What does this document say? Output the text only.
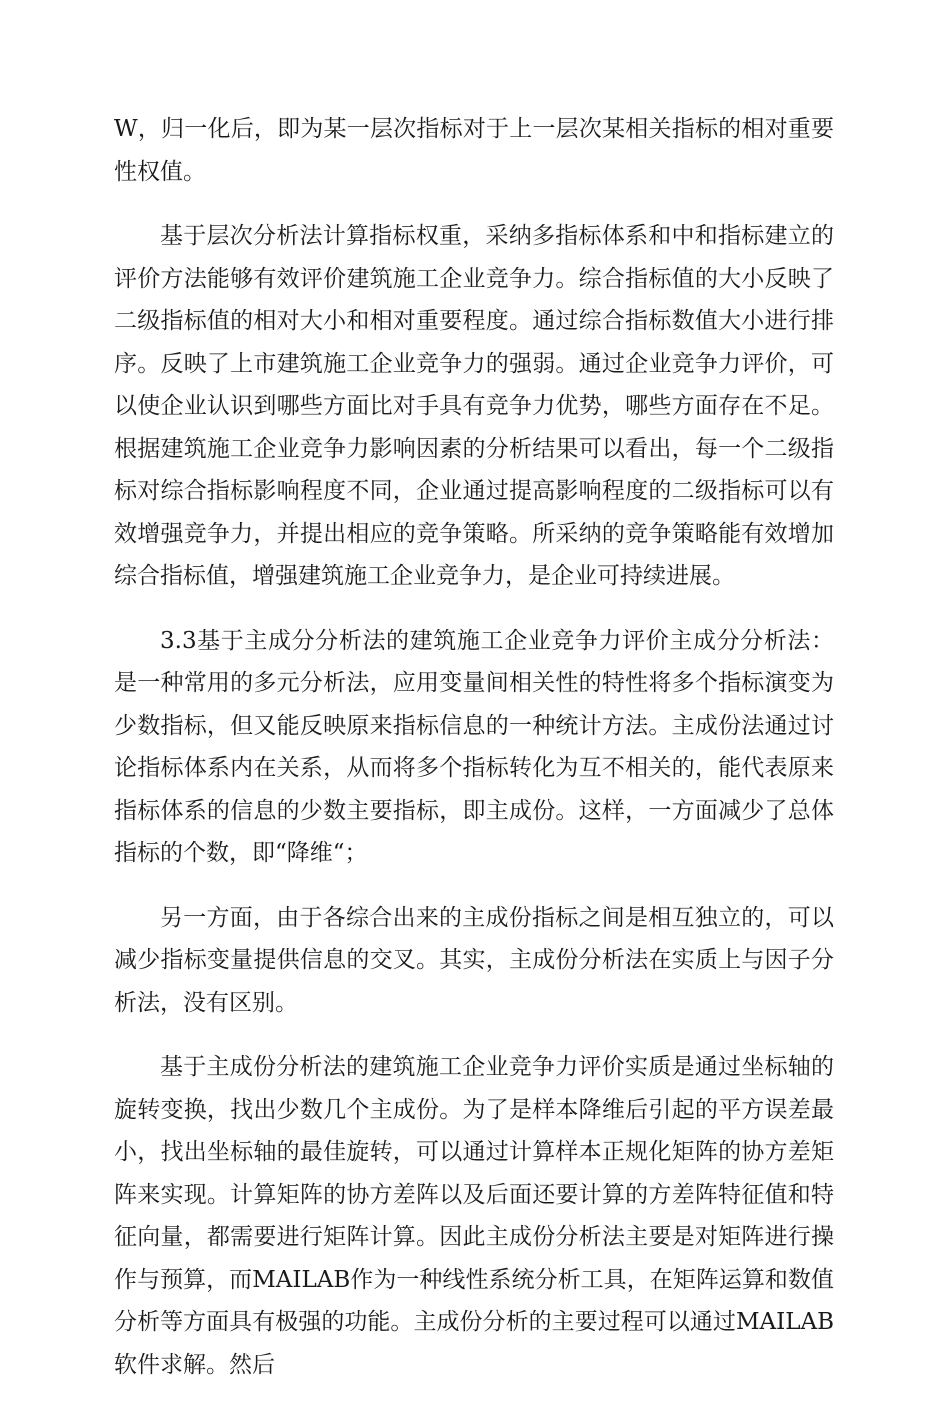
W，归一化后，即为某一层次指标对于上一层次某相关指标的相对重要性权值。

基于层次分析法计算指标权重，采纳多指标体系和中和指标建立的评价方法能够有效评价建筑施工企业竞争力。综合指标值的大小反映了二级指标值的相对大小和相对重要程度。通过综合指标数值大小进行排序。反映了上市建筑施工企业竞争力的强弱。通过企业竞争力评价，可以使企业认识到哪些方面比对手具有竞争力优势，哪些方面存在不足。根据建筑施工企业竞争力影响因素的分析结果可以看出，每一个二级指标对综合指标影响程度不同，企业通过提高影响程度的二级指标可以有效增强竞争力，并提出相应的竞争策略。所采纳的竞争策略能有效增加综合指标值，增强建筑施工企业竞争力，是企业可持续进展。

3.3基于主成分分析法的建筑施工企业竞争力评价主成分分析法：是一种常用的多元分析法，应用变量间相关性的特性将多个指标演变为少数指标，但又能反映原来指标信息的一种统计方法。主成份法通过讨论指标体系内在关系，从而将多个指标转化为互不相关的，能代表原来指标体系的信息的少数主要指标，即主成份。这样，一方面减少了总体指标的个数，即“降维“；

另一方面，由于各综合出来的主成份指标之间是相互独立的，可以减少指标变量提供信息的交叉。其实，主成份分析法在实质上与因子分析法，没有区别。

基于主成份分析法的建筑施工企业竞争力评价实质是通过坐标轴的旋转变换，找出少数几个主成份。为了是样本降维后引起的平方误差最小，找出坐标轴的最佳旋转，可以通过计算样本正规化矩阵的协方差矩阵来实现。计算矩阵的协方差阵以及后面还要计算的方差阵特征值和特征向量，都需要进行矩阵计算。因此主成份分析法主要是对矩阵进行操作与预算，而MAILAB作为一种线性系统分析工具，在矩阵运算和数值分析等方面具有极强的功能。主成份分析的主要过程可以通过MAILAB软件求解。然后
